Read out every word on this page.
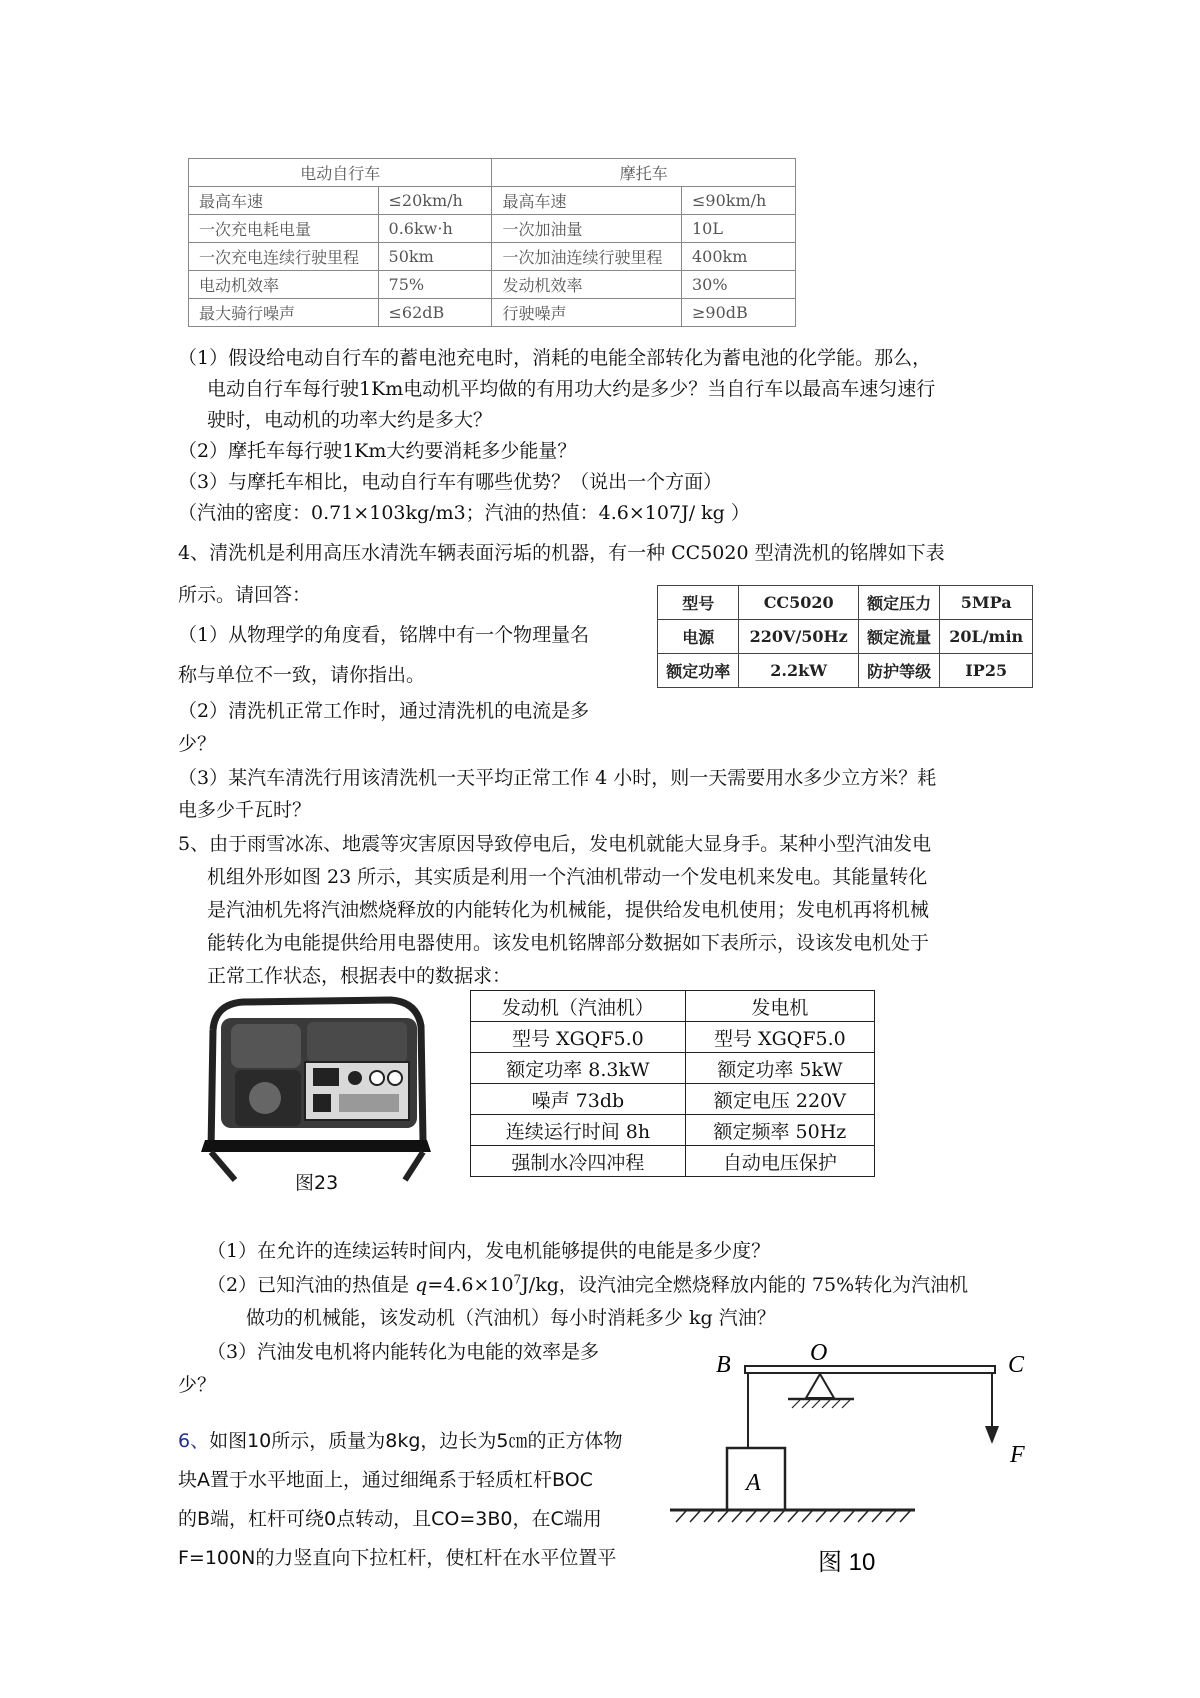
电动自行车		摩托车	
最高车速	≤20km/h	最高车速	≤90km/h
一次充电耗电量	0.6kw·h	一次加油量	10L
一次充电连续行驶里程	50km	一次加油连续行驶里程	400km
电动机效率	75%	发动机效率	30%
最大骑行噪声	≤62dB	行驶噪声	≥90dB
（1）假设给电动自行车的蓄电池充电时，消耗的电能全部转化为蓄电池的化学能。那么，
电动自行车每行驶1Km电动机平均做的有用功大约是多少？当自行车以最高车速匀速行
驶时，电动机的功率大约是多大？
（2）摩托车每行驶1Km大约要消耗多少能量？
（3）与摩托车相比，电动自行车有哪些优势？（说出一个方面）
（汽油的密度：0.71×103kg/m3；汽油的热值：4.6×107J/ kg ）
4、清洗机是利用高压水清洗车辆表面污垢的机器，有一种 CC5020 型清洗机的铭牌如下表
所示。请回答：
（1）从物理学的角度看，铭牌中有一个物理量名
称与单位不一致，请你指出。
（2）清洗机正常工作时，通过清洗机的电流是多
少？
（3）某汽车清洗行用该清洗机一天平均正常工作 4 小时，则一天需要用水多少立方米？耗
电多少千瓦时？
型号	CC5020	额定压力	5MPa
电源	220V/50Hz	额定流量	20L/min
额定功率	2.2kW	防护等级	IP25
5、由于雨雪冰冻、地震等灾害原因导致停电后，发电机就能大显身手。某种小型汽油发电
机组外形如图 23 所示，其实质是利用一个汽油机带动一个发电机来发电。其能量转化
是汽油机先将汽油燃烧释放的内能转化为机械能，提供给发电机使用；发电机再将机械
能转化为电能提供给用电器使用。该发电机铭牌部分数据如下表所示，设该发电机处于
正常工作状态，根据表中的数据求：
图23
发动机（汽油机）	发电机
型号 XGQF5.0	型号 XGQF5.0
额定功率 8.3kW	额定功率 5kW
噪声 73db	额定电压 220V
连续运行时间 8h	额定频率 50Hz
强制水冷四冲程	自动电压保护
（1）在允许的连续运转时间内，发电机能够提供的电能是多少度？
（2）已知汽油的热值是 $q=4.6\times 10^7J/kg$，设汽油完全燃烧释放内能的 75%转化为汽油机
做功的机械能，该发动机（汽油机）每小时消耗多少 kg 汽油？
（3）汽油发电机将内能转化为电能的效率是多
少？
6、如图10所示，质量为8kg，边长为5㎝的正方体物
块A置于水平地面上，通过细绳系于轻质杠杆BOC
的B端，杠杆可绕0点转动，且CO=3B0，在C端用
F=100N的力竖直向下拉杠杆，使杠杆在水平位置平
B	O	C
F
A
图 10
